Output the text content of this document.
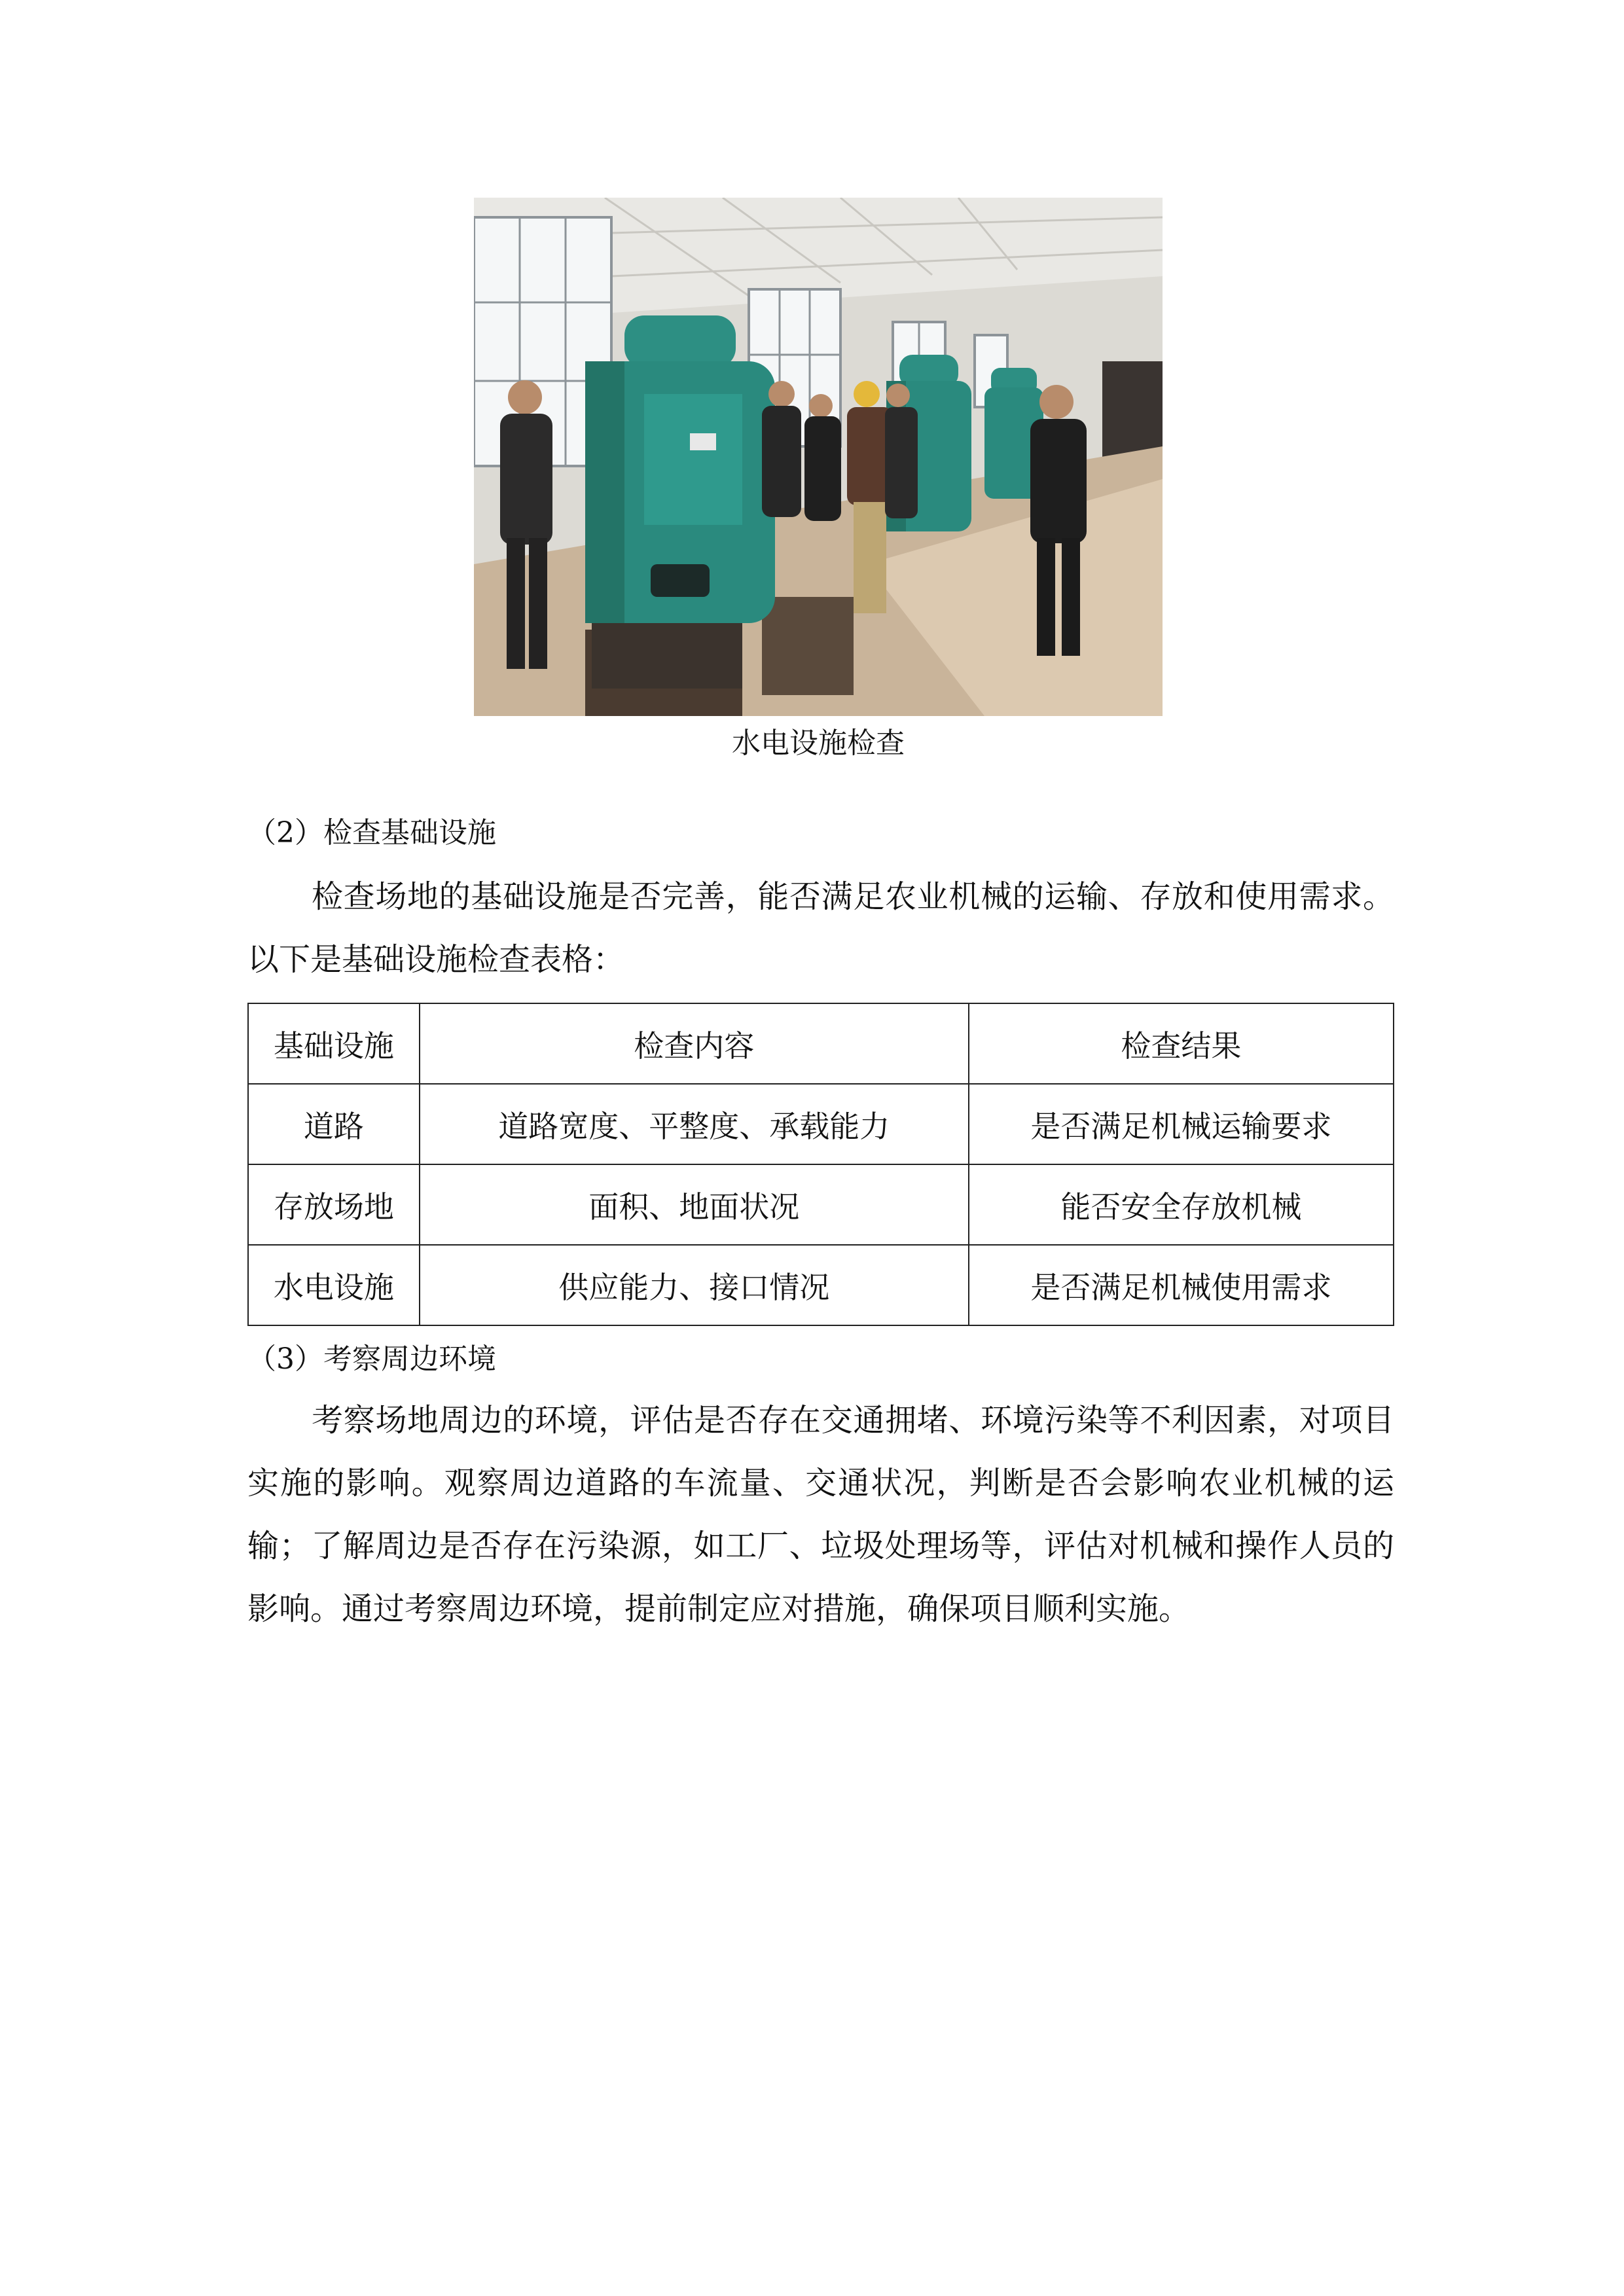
水电设施检查
（2）检查基础设施

检查场地的基础设施是否完善，能否满足农业机械的运输、存放和使用需求。以下是基础设施检查表格：

基础设施	检查内容	检查结果
道路	道路宽度、平整度、承载能力	是否满足机械运输要求
存放场地	面积、地面状况	能否安全存放机械
水电设施	供应能力、接口情况	是否满足机械使用需求
（3）考察周边环境

考察场地周边的环境，评估是否存在交通拥堵、环境污染等不利因素，对项目实施的影响。观察周边道路的车流量、交通状况，判断是否会影响农业机械的运输；了解周边是否存在污染源，如工厂、垃圾处理场等，评估对机械和操作人员的影响。通过考察周边环境，提前制定应对措施，确保项目顺利实施。
